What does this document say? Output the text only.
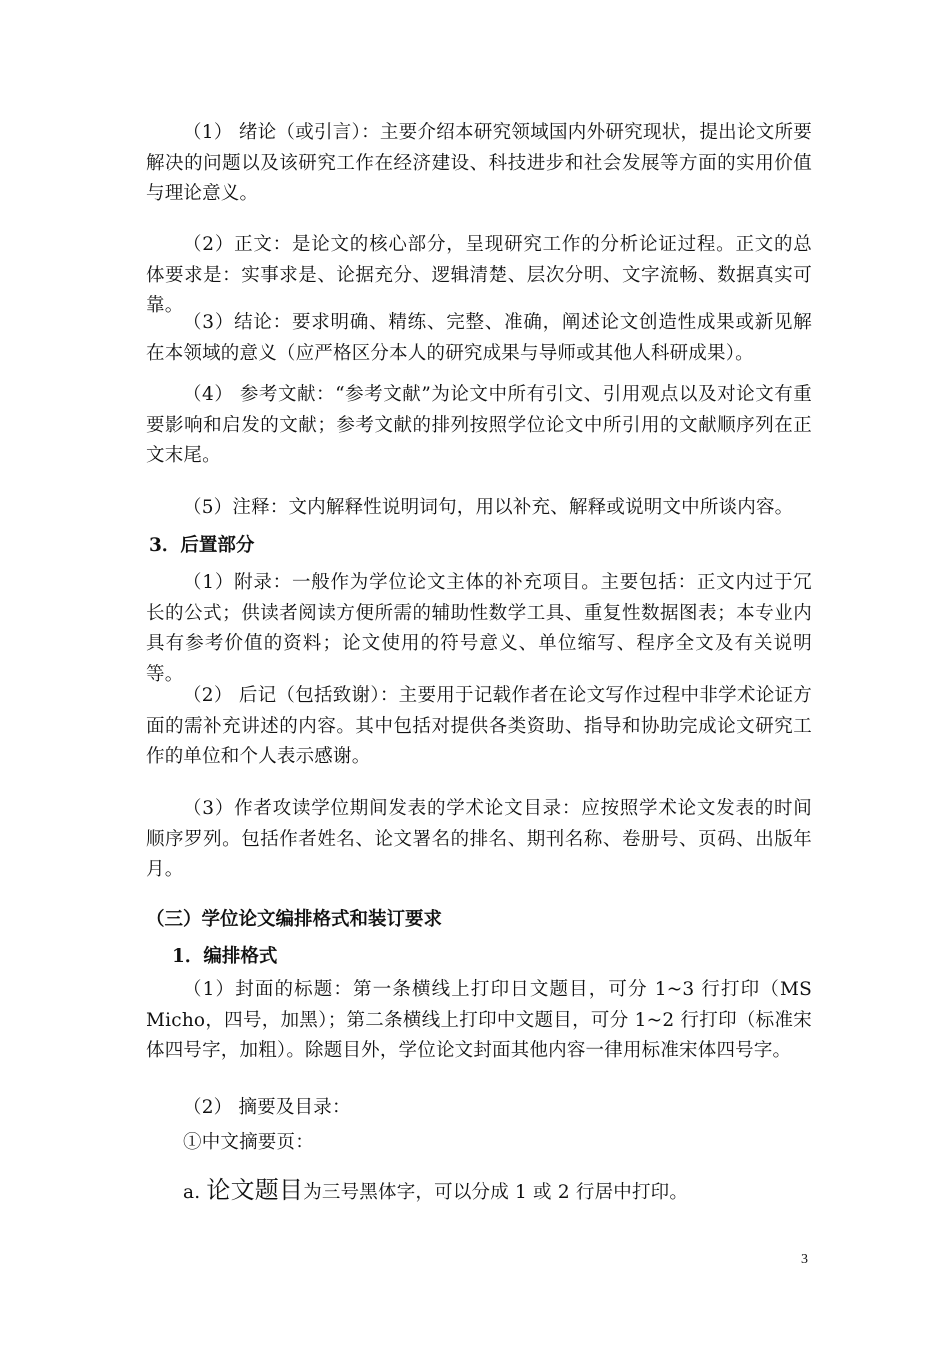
（1） 绪论（或引言）：主要介绍本研究领域国内外研究现状，提出论文所要解决的问题以及该研究工作在经济建设、科技进步和社会发展等方面的实用价值与理论意义。

（2）正文：是论文的核心部分，呈现研究工作的分析论证过程。正文的总体要求是：实事求是、论据充分、逻辑清楚、层次分明、文字流畅、数据真实可靠。

（3）结论：要求明确、精练、完整、准确，阐述论文创造性成果或新见解在本领域的意义（应严格区分本人的研究成果与导师或其他人科研成果）。

（4） 参考文献：“参考文献”为论文中所有引文、引用观点以及对论文有重要影响和启发的文献；参考文献的排列按照学位论文中所引用的文献顺序列在正文末尾。

（5）注释：文内解释性说明词句，用以补充、解释或说明文中所谈内容。

3．后置部分

（1）附录：一般作为学位论文主体的补充项目。主要包括：正文内过于冗长的公式；供读者阅读方便所需的辅助性数学工具、重复性数据图表；本专业内具有参考价值的资料；论文使用的符号意义、单位缩写、程序全文及有关说明等。

（2） 后记（包括致谢）：主要用于记载作者在论文写作过程中非学术论证方面的需补充讲述的内容。其中包括对提供各类资助、指导和协助完成论文研究工作的单位和个人表示感谢。

（3）作者攻读学位期间发表的学术论文目录：应按照学术论文发表的时间顺序罗列。包括作者姓名、论文署名的排名、期刊名称、卷册号、页码、出版年月。

（三）学位论文编排格式和装订要求

1．编排格式

（1）封面的标题：第一条横线上打印日文题目，可分 1~3 行打印（MS Micho，四号，加黑）；第二条横线上打印中文题目，可分 1~2 行打印（标准宋体四号字，加粗）。除题目外，学位论文封面其他内容一律用标准宋体四号字。

（2） 摘要及目录：

①中文摘要页：

a. 论文题目为三号黑体字，可以分成 1 或 2 行居中打印。

3
